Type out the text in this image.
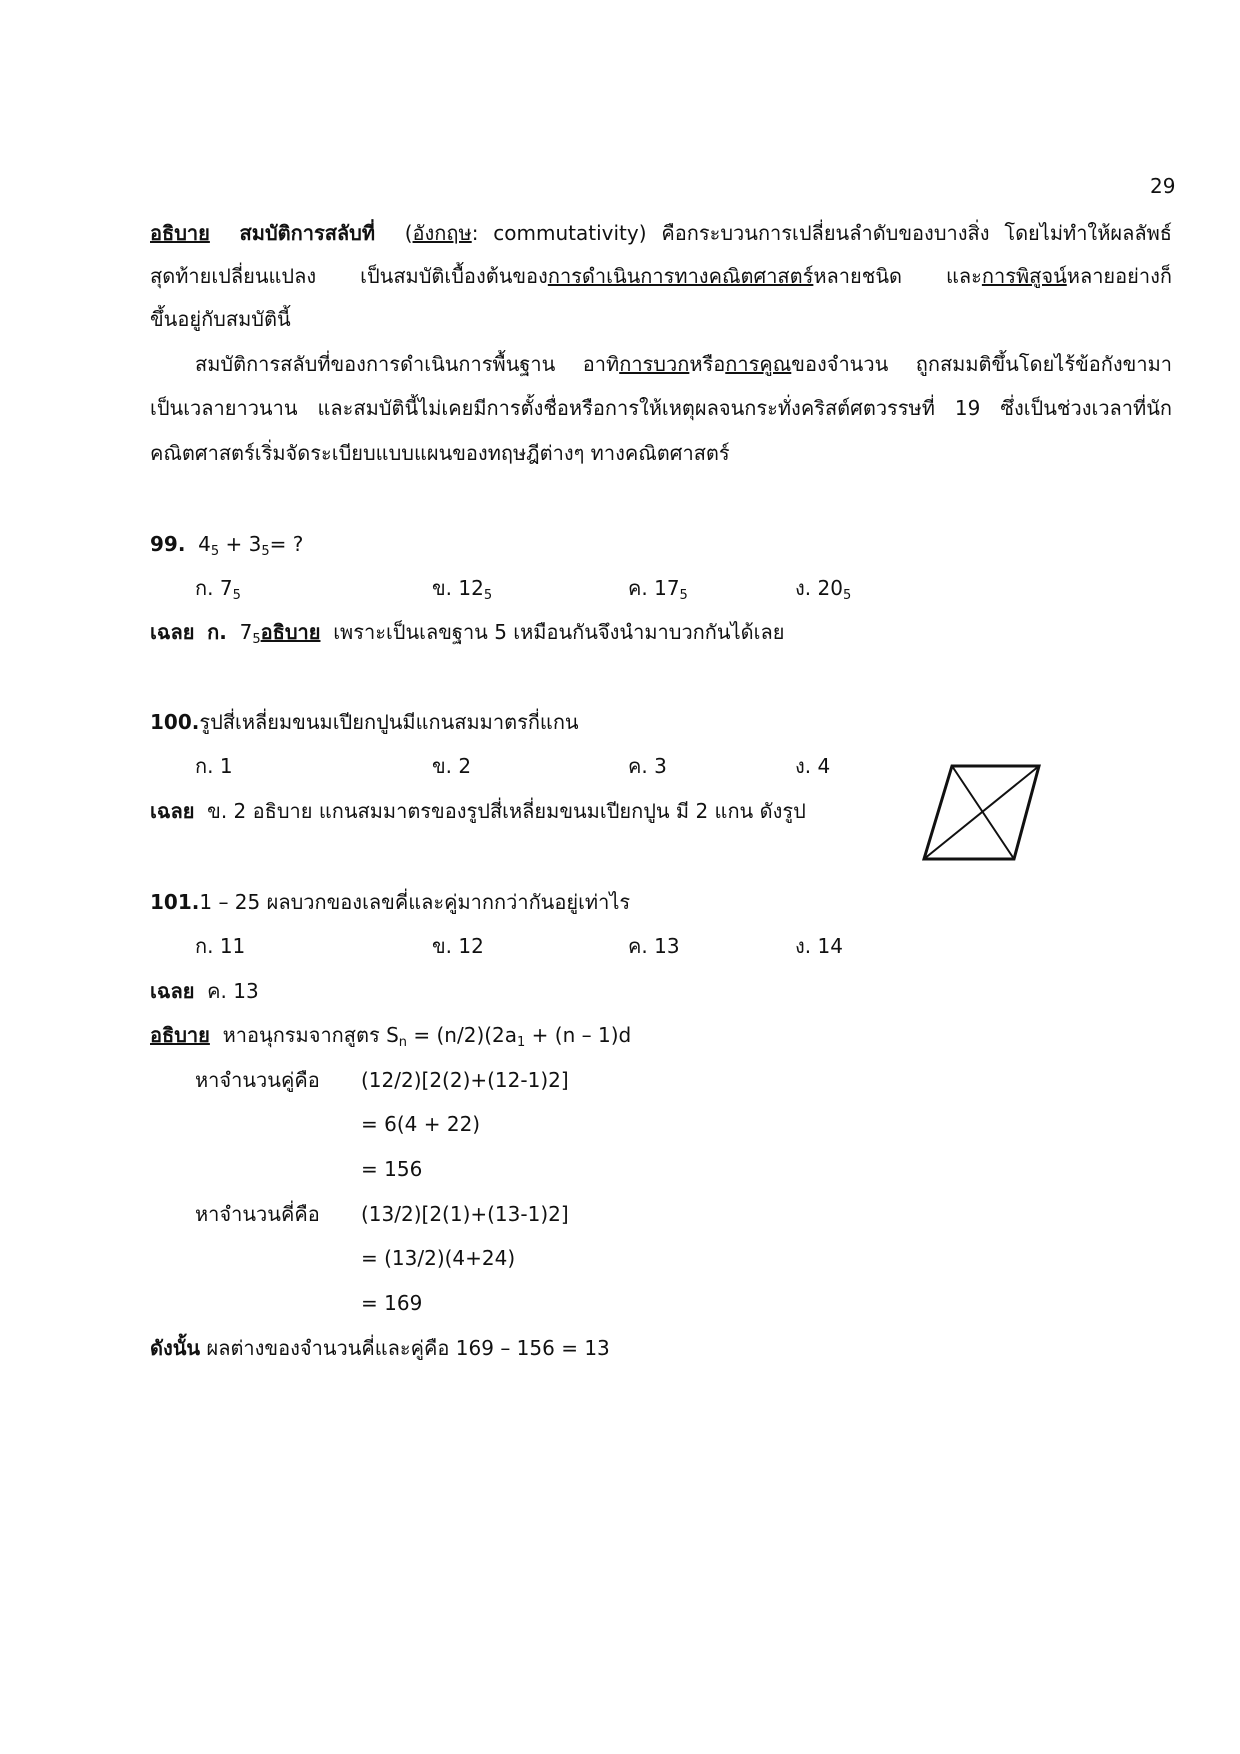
29
อธิบาย สมบัติการสลับที่ (อังกฤษ: commutativity) คือกระบวนการเปลี่ยนลำดับของบางสิ่ง โดยไม่ทำให้ผลลัพธ์
สุดท้ายเปลี่ยนแปลง เป็นสมบัติเบื้องต้นของการดำเนินการทางคณิตศาสตร์หลายชนิด และการพิสูจน์หลายอย่างก็
ขึ้นอยู่กับสมบัตินี้
สมบัติการสลับที่ของการดำเนินการพื้นฐาน อาทิการบวกหรือการคูณของจำนวน ถูกสมมติขึ้นโดยไร้ข้อกังขามา
เป็นเวลายาวนาน และสมบัตินี้ไม่เคยมีการตั้งชื่อหรือการให้เหตุผลจนกระทั่งคริสต์ศตวรรษที่ 19 ซึ่งเป็นช่วงเวลาที่นัก
คณิตศาสตร์เริ่มจัดระเบียบแบบแผนของทฤษฎีต่างๆ ทางคณิตศาสตร์
99. $4_5 + 3_5=$ ?
ก. $7_5$	ข. $12_5$	ค. $17_5$	ง. $20_5$
เฉลย ก. $7_5$อธิบาย เพราะเป็นเลขฐาน 5 เหมือนกันจึงนำมาบวกกันได้เลย
100.รูปสี่เหลี่ยมขนมเปียกปูนมีแกนสมมาตรกี่แกน
ก. 1	ข. 2	ค. 3	ง. 4
เฉลย ข. 2 อธิบาย แกนสมมาตรของรูปสี่เหลี่ยมขนมเปียกปูน มี 2 แกน ดังรูป
101.1 – 25 ผลบวกของเลขคี่และคู่มากกว่ากันอยู่เท่าไร
ก. 11	ข. 12	ค. 13	ง. 14
เฉลย ค. 13
อธิบาย หาอนุกรมจากสูตร $S_n = (n/2)(2a_1 + (n - 1)d$
หาจำนวนคู่คือ (12/2)[2(2)+(12-1)2]
= 6(4 + 22)
= 156
หาจำนวนคี่คือ (13/2)[2(1)+(13-1)2]
= (13/2)(4+24)
= 169
ดังนั้น ผลต่างของจำนวนคี่และคู่คือ 169 – 156 = 13
